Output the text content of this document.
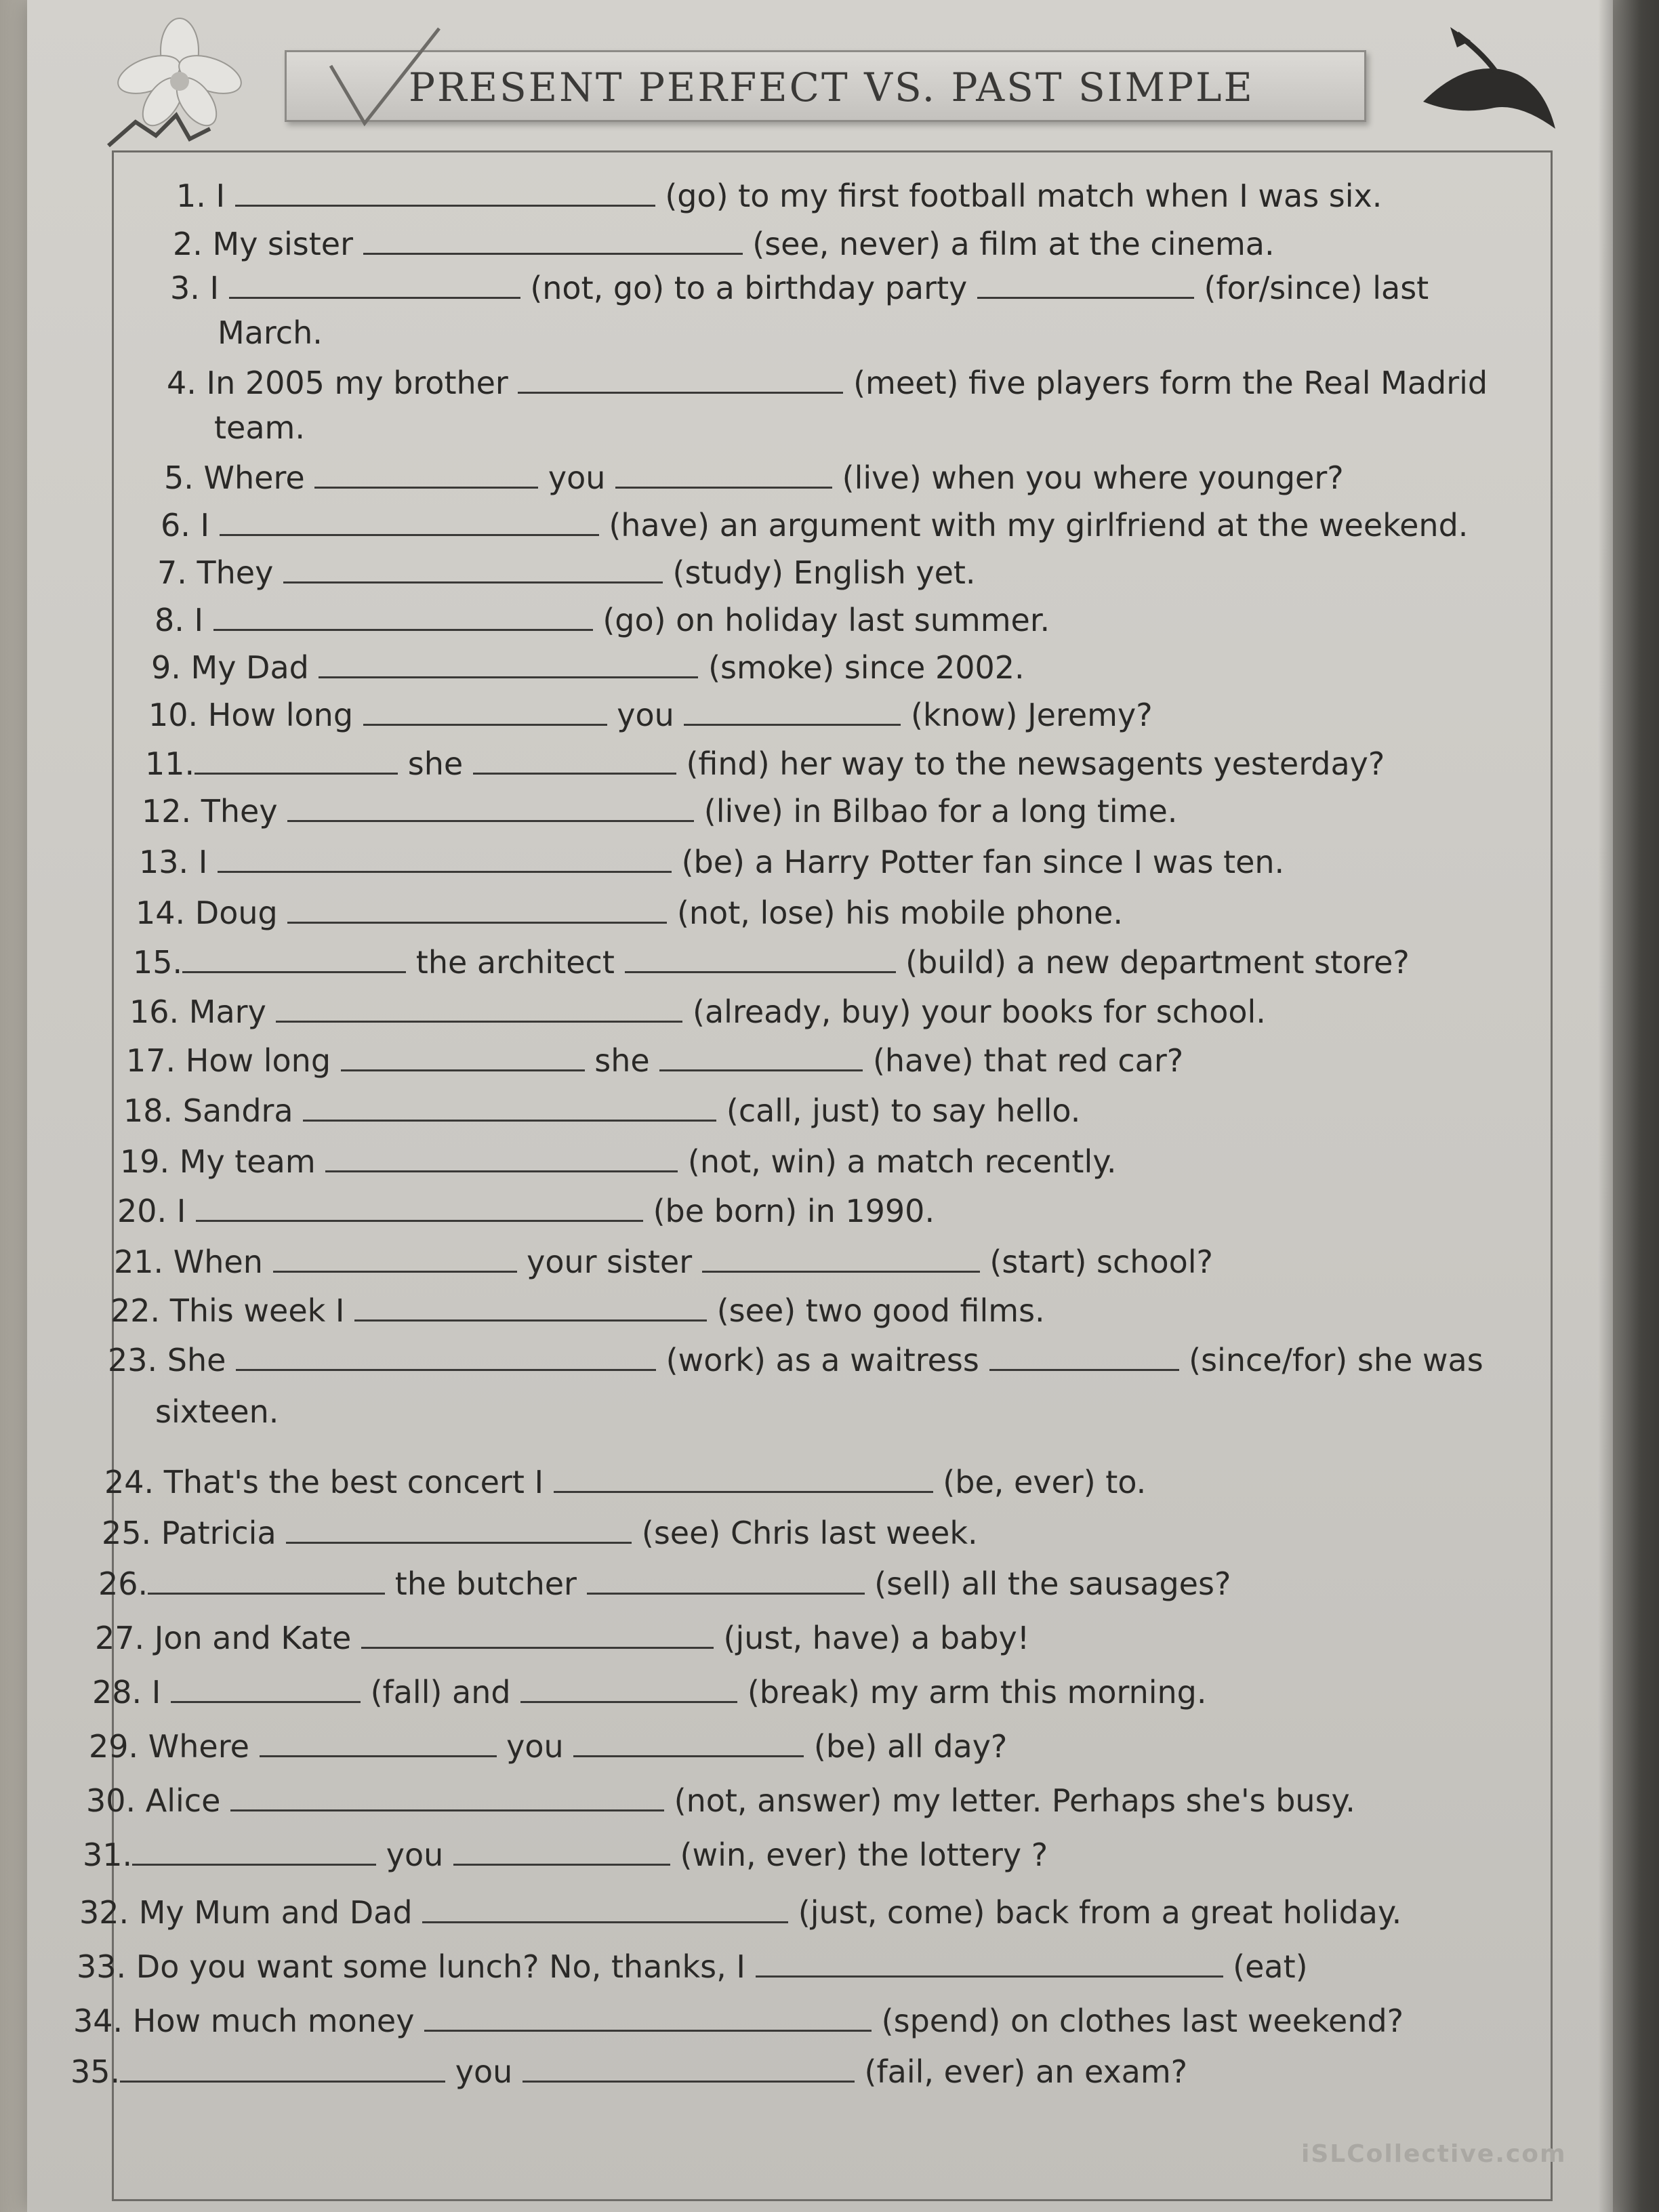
PRESENT PERFECT VS. PAST SIMPLE
1. I	(go) to my first football match when I was six.
2. My sister	(see, never) a film at the cinema.
3. I	(not, go) to a birthday party	(for/since) last
March.
4. In 2005 my brother	(meet) five players form the Real Madrid
team.
5. Where	you	(live) when you where younger?
6. I	(have) an argument with my girlfriend at the weekend.
7. They	(study) English yet.
8. I	(go) on holiday last summer.
9. My Dad	(smoke) since 2002.
10. How long	you	(know) Jeremy?
11.	she	(find) her way to the newsagents yesterday?
12. They	(live) in Bilbao for a long time.
13. I	(be) a Harry Potter fan since I was ten.
14. Doug	(not, lose) his mobile phone.
15.	the architect	(build) a new department store?
16. Mary	(already, buy) your books for school.
17. How long	she	(have) that red car?
18. Sandra	(call, just) to say hello.
19. My team	(not, win) a match recently.
20. I	(be born) in 1990.
21. When	your sister	(start) school?
22. This week I	(see) two good films.
23. She	(work) as a waitress	(since/for) she was
sixteen.
24. That's the best concert I	(be, ever) to.
25. Patricia	(see) Chris last week.
26.	the butcher	(sell) all the sausages?
27. Jon and Kate	(just, have) a baby!
28. I	(fall) and	(break) my arm this morning.
29. Where	you	(be) all day?
30. Alice	(not, answer) my letter. Perhaps she's busy.
31.	you	(win, ever) the lottery ?
32. My Mum and Dad	(just, come) back from a great holiday.
33. Do you want some lunch? No, thanks, I	(eat)
34. How much money	(spend) on clothes last weekend?
35.	you	(fail, ever) an exam?
iSLCollective.com
